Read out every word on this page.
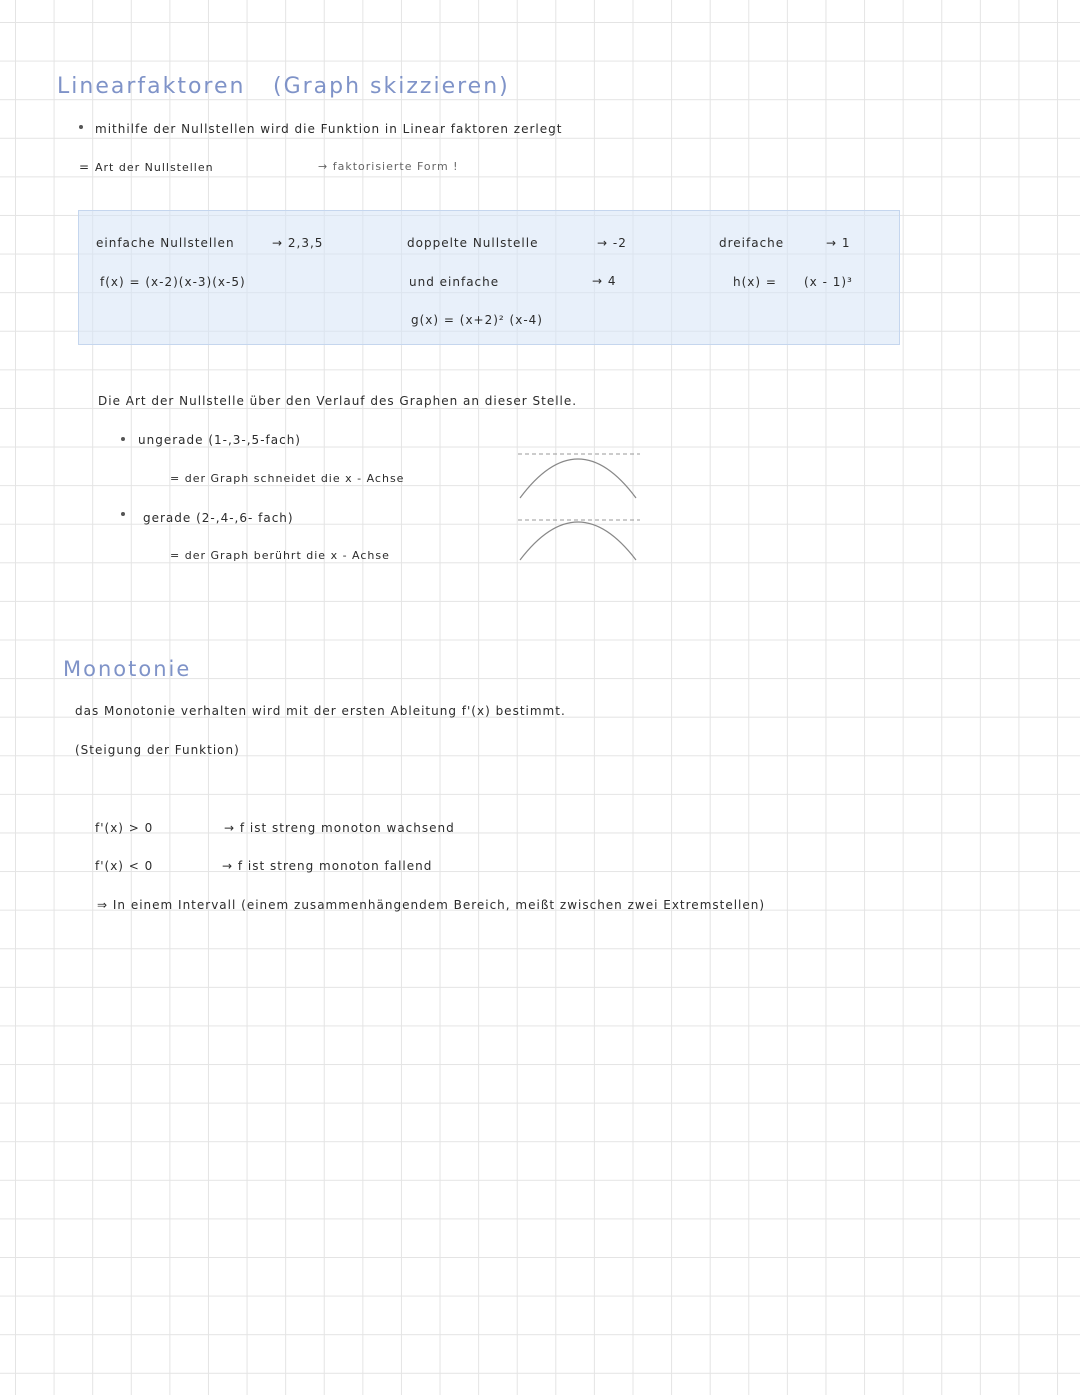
Linearfaktoren (Graph skizzieren)
mithilfe der Nullstellen wird die Funktion in Linear faktoren zerlegt
= Art der Nullstellen	→ faktorisierte Form !
einfache Nullstellen	→ 2,3,5
f(x) = (x-2)(x-3)(x-5)
doppelte Nullstelle	→ -2
und einfache	→ 4
g(x) = (x+2)² (x-4)
dreifache	→ 1
h(x) = (x - 1)³
Die Art der Nullstelle über den Verlauf des Graphen an dieser Stelle.
ungerade (1-,3-,5-fach)
= der Graph schneidet die x - Achse
gerade (2-,4-,6- fach)
= der Graph berührt die x - Achse
Monotonie
das Monotonie verhalten wird mit der ersten Ableitung f'(x) bestimmt.
(Steigung der Funktion)
f'(x) > 0	→ f ist streng monoton wachsend
f'(x) < 0	→ f ist streng monoton fallend
⇒ In einem Intervall (einem zusammenhängendem Bereich, meißt zwischen zwei Extremstellen)
